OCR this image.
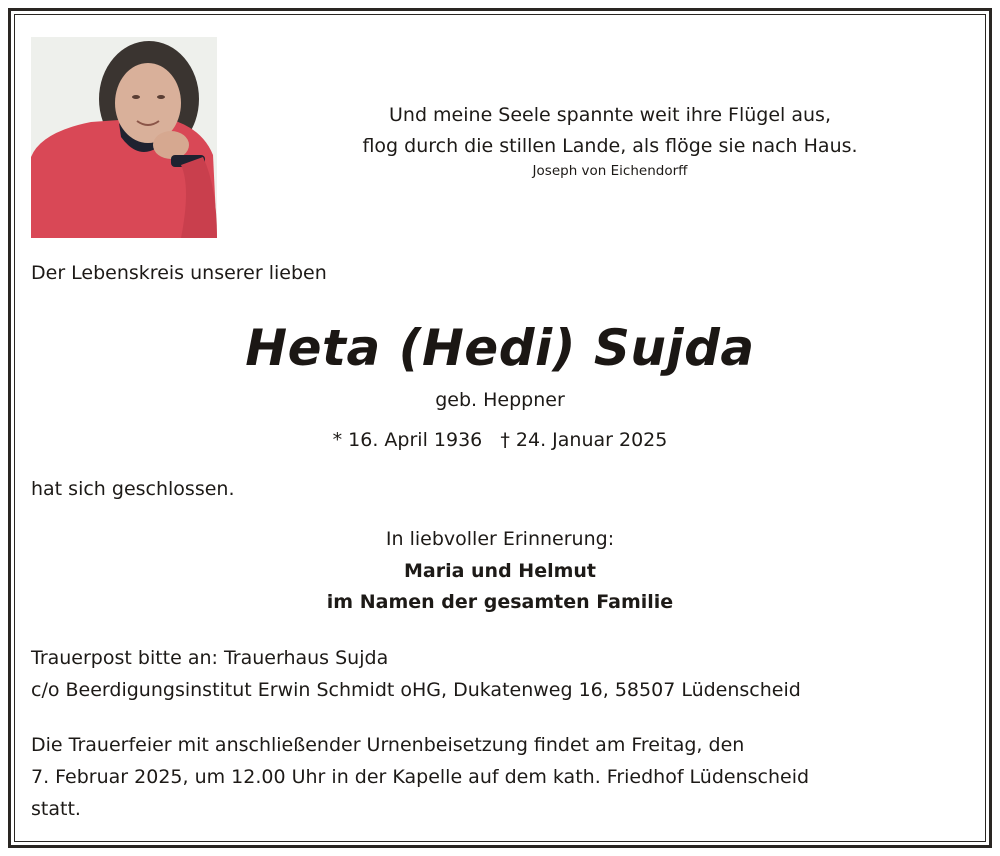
Und meine Seele spannte weit ihre Flügel aus,
flog durch die stillen Lande, als flöge sie nach Haus.
Joseph von Eichendorff
Der Lebenskreis unserer lieben
Heta (Hedi) Sujda
geb. Heppner
* 16. April 1936   † 24. Januar 2025
hat sich geschlossen.
In liebvoller Erinnerung:
Maria und Helmut
im Namen der gesamten Familie
Trauerpost bitte an: Trauerhaus Sujda
c/o Beerdigungsinstitut Erwin Schmidt oHG, Dukatenweg 16, 58507 Lüdenscheid
Die Trauerfeier mit anschließender Urnenbeisetzung findet am Freitag, den
7. Februar 2025, um 12.00 Uhr in der Kapelle auf dem kath. Friedhof Lüdenscheid
statt.
